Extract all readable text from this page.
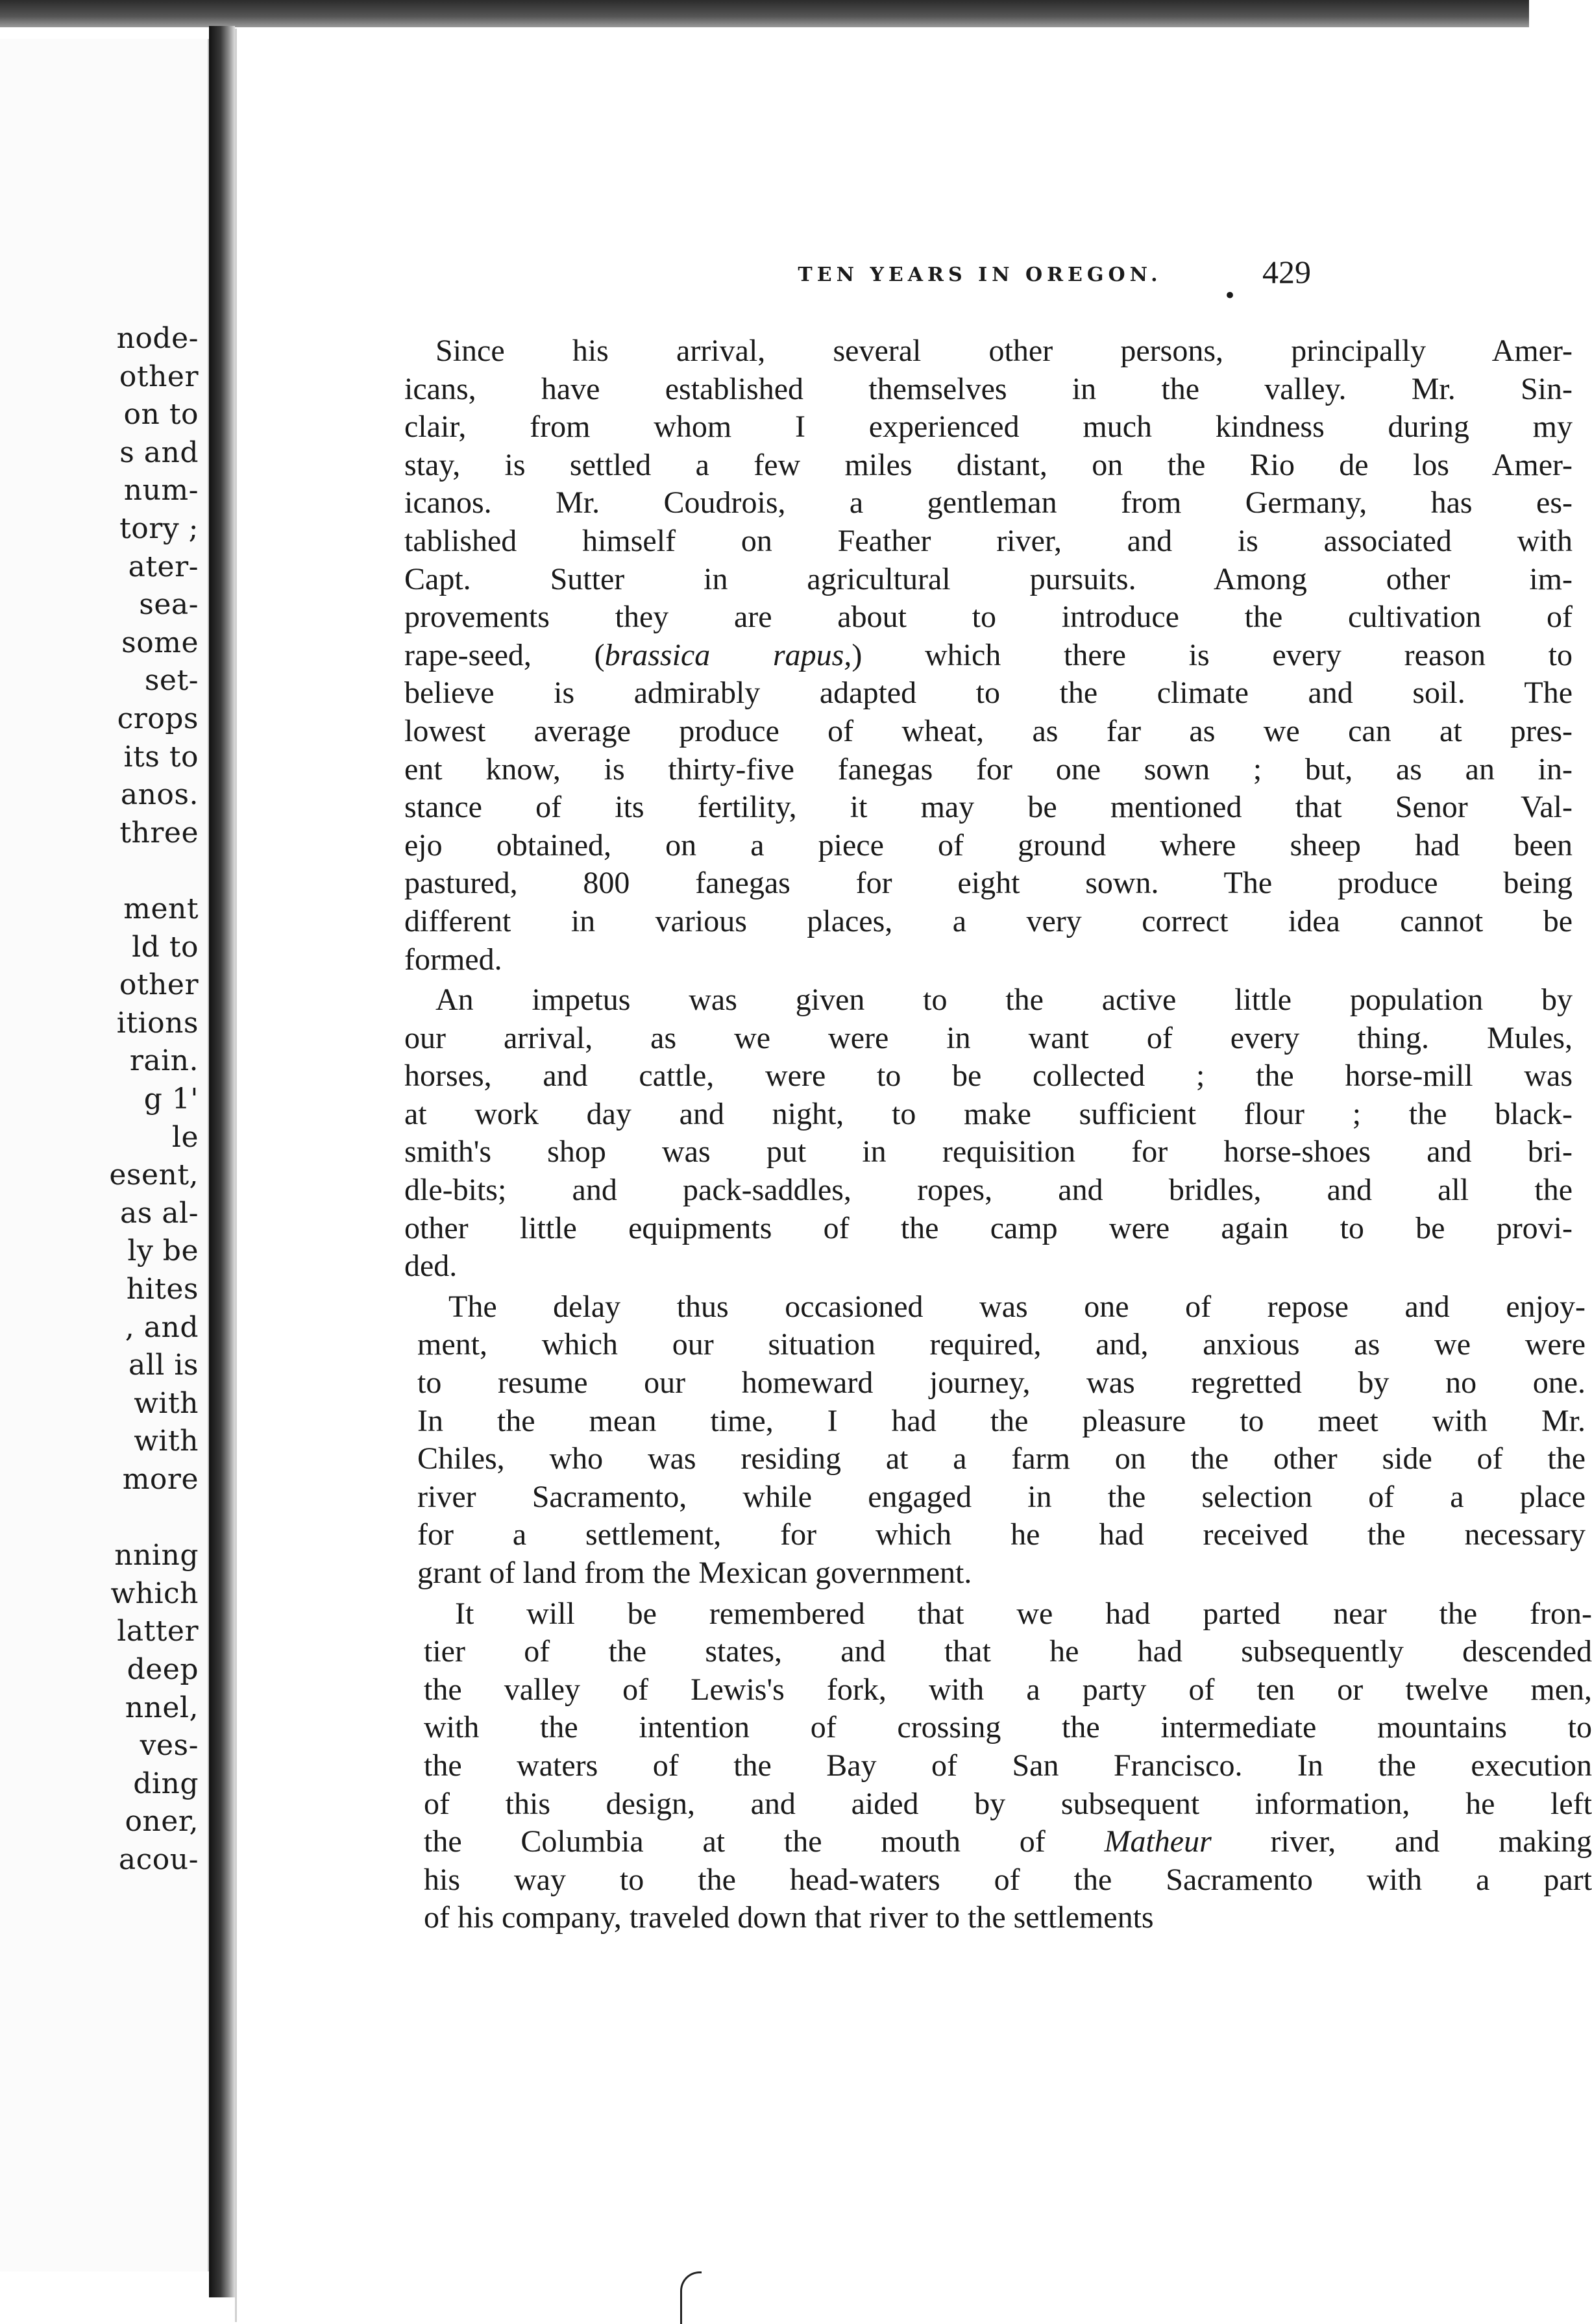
node-
other
on to
s and
num-
tory ;
ater-
sea-
some
set-
crops
its to
anos.
three
ment
ld to
other
itions
rain.
g 1'
le
esent,
as al-
ly be
hites
, and
all is
with
with
more
nning
which
latter
deep
nnel,
ves-
ding
oner,
acou-
TEN YEARS IN OREGON.	429
•
Since his arrival, several other persons, principally Amer-
icans, have established themselves in the valley. Mr. Sin-
clair, from whom I experienced much kindness during my
stay, is settled a few miles distant, on the Rio de los Amer-
icanos. Mr. Coudrois, a gentleman from Germany, has es-
tablished himself on Feather river, and is associated with
Capt. Sutter in agricultural pursuits. Among other im-
provements they are about to introduce the cultivation of
rape-seed, (brassica rapus,) which there is every reason to
believe is admirably adapted to the climate and soil. The
lowest average produce of wheat, as far as we can at pres-
ent know, is thirty-five fanegas for one sown ; but, as an in-
stance of its fertility, it may be mentioned that Senor Val-
ejo obtained, on a piece of ground where sheep had been
pastured, 800 fanegas for eight sown. The produce being
different in various places, a very correct idea cannot be
formed.
An impetus was given to the active little population by
our arrival, as we were in want of every thing. Mules,
horses, and cattle, were to be collected ; the horse-mill was
at work day and night, to make sufficient flour ; the black-
smith's shop was put in requisition for horse-shoes and bri-
dle-bits; and pack-saddles, ropes, and bridles, and all the
other little equipments of the camp were again to be provi-
ded.
The delay thus occasioned was one of repose and enjoy-
ment, which our situation required, and, anxious as we were
to resume our homeward journey, was regretted by no one.
In the mean time, I had the pleasure to meet with Mr.
Chiles, who was residing at a farm on the other side of the
river Sacramento, while engaged in the selection of a place
for a settlement, for which he had received the necessary
grant of land from the Mexican government.
It will be remembered that we had parted near the fron-
tier of the states, and that he had subsequently descended
the valley of Lewis's fork, with a party of ten or twelve men,
with the intention of crossing the intermediate mountains to
the waters of the Bay of San Francisco. In the execution
of this design, and aided by subsequent information, he left
the Columbia at the mouth of Matheur river, and making
his way to the head-waters of the Sacramento with a part
of his company, traveled down that river to the settlements
